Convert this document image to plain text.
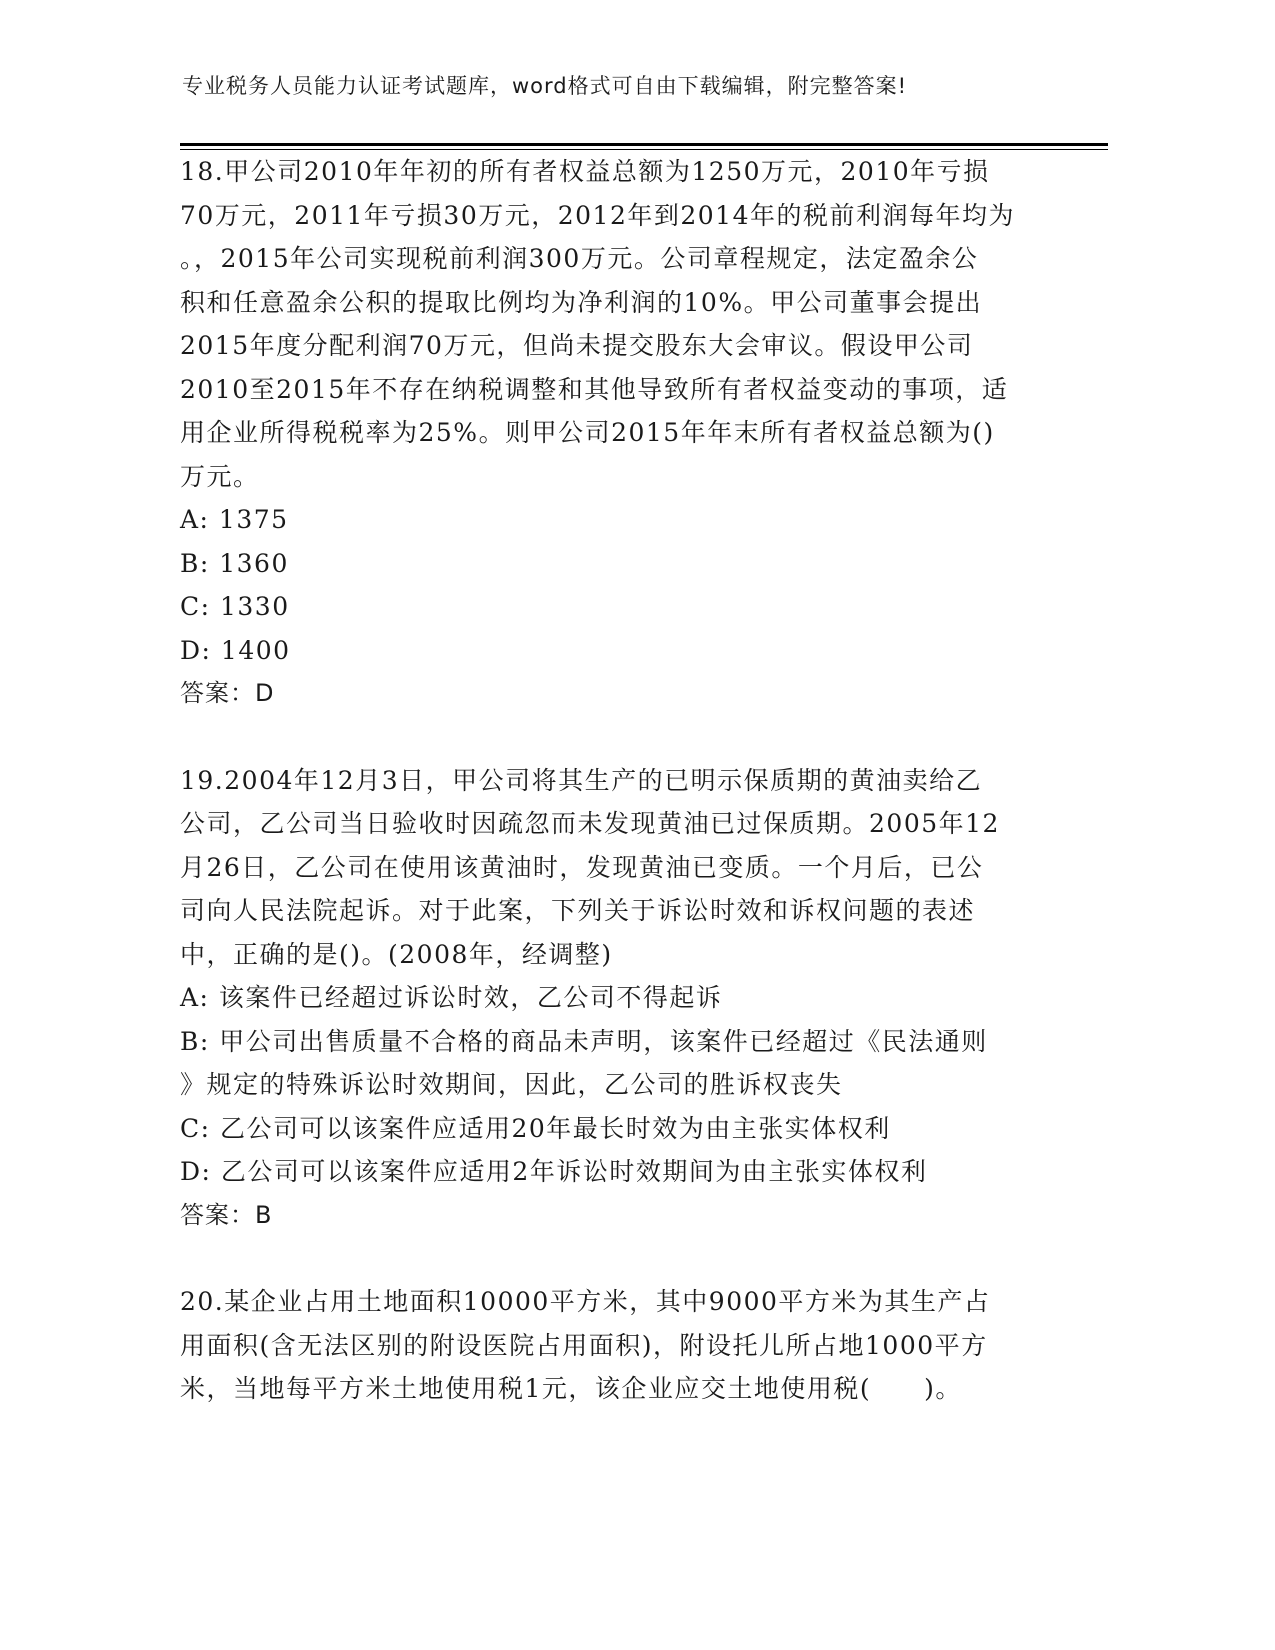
专业税务人员能力认证考试题库，word格式可自由下载编辑，附完整答案!

18.甲公司2010年年初的所有者权益总额为1250万元，2010年亏损

70万元，2011年亏损30万元，2012年到2014年的税前利润每年均为

。，2015年公司实现税前利润300万元。公司章程规定，法定盈余公

积和任意盈余公积的提取比例均为净利润的10%。甲公司董事会提出

2015年度分配利润70万元，但尚未提交股东大会审议。假设甲公司

2010至2015年不存在纳税调整和其他导致所有者权益变动的事项，适

用企业所得税税率为25%。则甲公司2015年年末所有者权益总额为()

万元。

A: 1375

B: 1360

C: 1330

D: 1400

答案：D

19.2004年12月3日，甲公司将其生产的已明示保质期的黄油卖给乙

公司，乙公司当日验收时因疏忽而未发现黄油已过保质期。2005年12

月26日，乙公司在使用该黄油时，发现黄油已变质。一个月后，已公

司向人民法院起诉。对于此案，下列关于诉讼时效和诉权问题的表述

中，正确的是()。(2008年，经调整)

A: 该案件已经超过诉讼时效，乙公司不得起诉

B: 甲公司出售质量不合格的商品未声明，该案件已经超过《民法通则

》规定的特殊诉讼时效期间，因此，乙公司的胜诉权丧失

C: 乙公司可以该案件应适用20年最长时效为由主张实体权利

D: 乙公司可以该案件应适用2年诉讼时效期间为由主张实体权利

答案：B

20.某企业占用土地面积10000平方米，其中9000平方米为其生产占

用面积(含无法区别的附设医院占用面积)，附设托儿所占地1000平方

米，当地每平方米土地使用税1元，该企业应交土地使用税(　　)。
